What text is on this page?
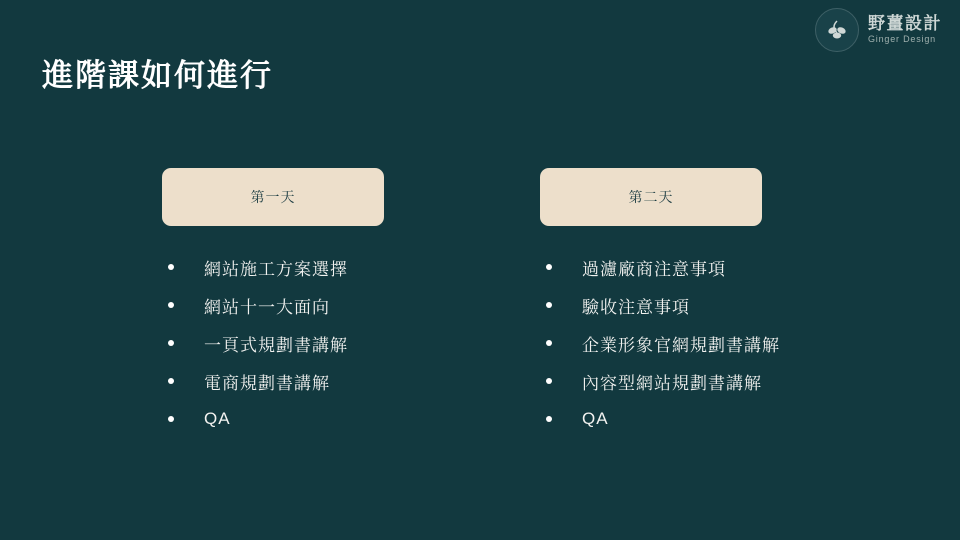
野薑設計
Ginger Design
進階課如何進行
第一天
網站施工方案選擇
網站十一大面向
一頁式規劃書講解
電商規劃書講解
QA
第二天
過濾廠商注意事項
驗收注意事項
企業形象官網規劃書講解
內容型網站規劃書講解
QA
